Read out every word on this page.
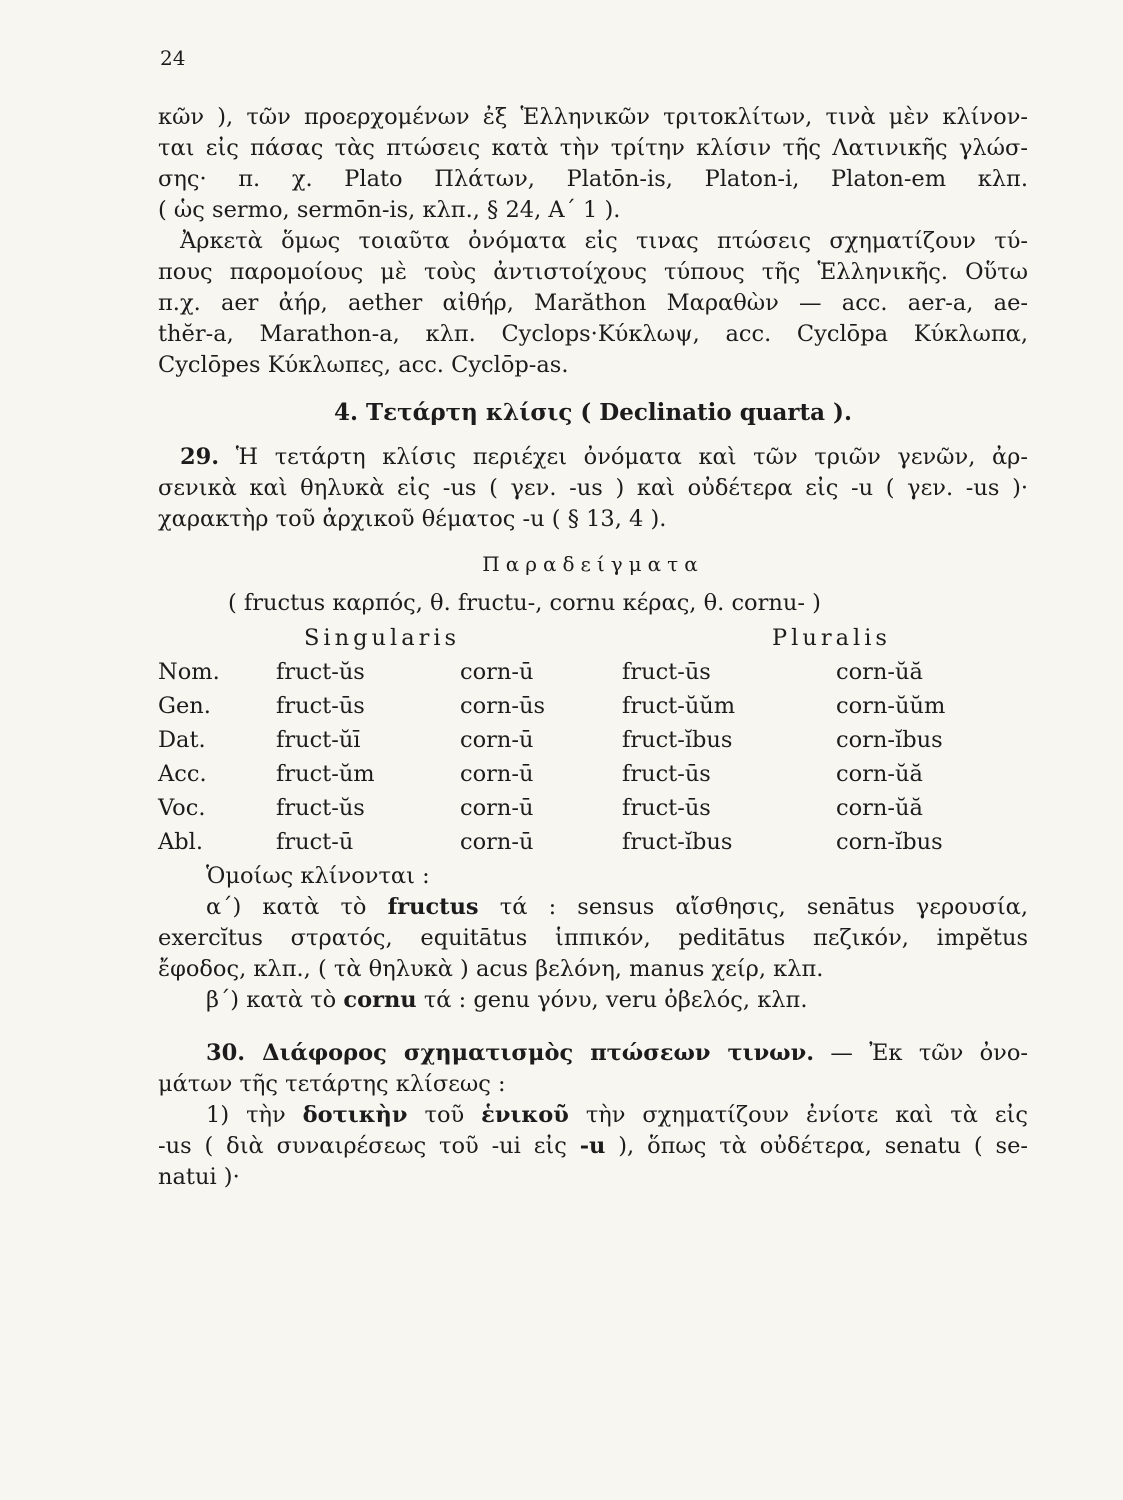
24
κῶν ), τῶν προερχομένων ἐξ Ἑλληνικῶν τριτοκλίτων, τινὰ μὲν κλίνον-
ται εἰς πάσας τὰς πτώσεις κατὰ τὴν τρίτην κλίσιν τῆς Λατινικῆς γλώσ-
σης· π. χ. Plato Πλάτων, Platōn-is, Platon-i, Platon-em κλπ.
( ὡς sermo, sermōn-is, κλπ., § 24, Α΄ 1 ).
Ἀρκετὰ ὅμως τοιαῦτα ὀνόματα εἰς τινας πτώσεις σχηματίζουν τύ-
πους παρομοίους μὲ τοὺς ἀντιστοίχους τύπους τῆς Ἑλληνικῆς. Οὕτω
π.χ. aer ἀήρ, aether αἰθήρ, Marăthon Μαραθὼν — acc. aer-a, ae-
thĕr-a, Marathon-a, κλπ. Cyclops·Κύκλωψ, acc. Cyclōpa Κύκλωπα,
Cyclōpes Κύκλωπες, acc. Cyclōp-as.
4. Τετάρτη κλίσις ( Declinatio quarta ).
29. Ἡ τετάρτη κλίσις περιέχει ὀνόματα καὶ τῶν τριῶν γενῶν, ἀρ-
σενικὰ καὶ θηλυκὰ εἰς -us ( γεν. -us ) καὶ οὐδέτερα εἰς -u ( γεν. -us )·
χαρακτὴρ τοῦ ἀρχικοῦ θέματος -u ( § 13, 4 ).
Παραδείγματα
( fructus καρπός, θ. fructu-, cornu κέρας, θ. cornu- )
	Singularis		Pluralis	
Nom.	fruct-ŭs	corn-ū	fruct-ūs	corn-ŭă
Gen.	fruct-ūs	corn-ūs	fruct-ŭŭm	corn-ŭŭm
Dat.	fruct-ŭī	corn-ū	fruct-ĭbus	corn-ĭbus
Acc.	fruct-ŭm	corn-ū	fruct-ūs	corn-ŭă
Voc.	fruct-ŭs	corn-ū	fruct-ūs	corn-ŭă
Abl.	fruct-ū	corn-ū	fruct-ĭbus	corn-ĭbus
Ὁμοίως κλίνονται :
α΄) κατὰ τὸ fructus τά : sensus αἴσθησις, senātus γερουσία,
exercĭtus στρατός, equitātus ἱππικόν, peditātus πεζικόν, impĕtus
ἔφοδος, κλπ., ( τὰ θηλυκὰ ) acus βελόνη, manus χείρ, κλπ.
β΄) κατὰ τὸ cornu τά : genu γόνυ, veru ὀβελός, κλπ.
30. Διάφορος σχηματισμὸς πτώσεων τινων. — Ἐκ τῶν ὀνο-
μάτων τῆς τετάρτης κλίσεως :
1) τὴν δοτικὴν τοῦ ἑνικοῦ τὴν σχηματίζουν ἐνίοτε καὶ τὰ εἰς
-us ( διὰ συναιρέσεως τοῦ -ui εἰς -u ), ὅπως τὰ οὐδέτερα, senatu ( se-
natui )·
